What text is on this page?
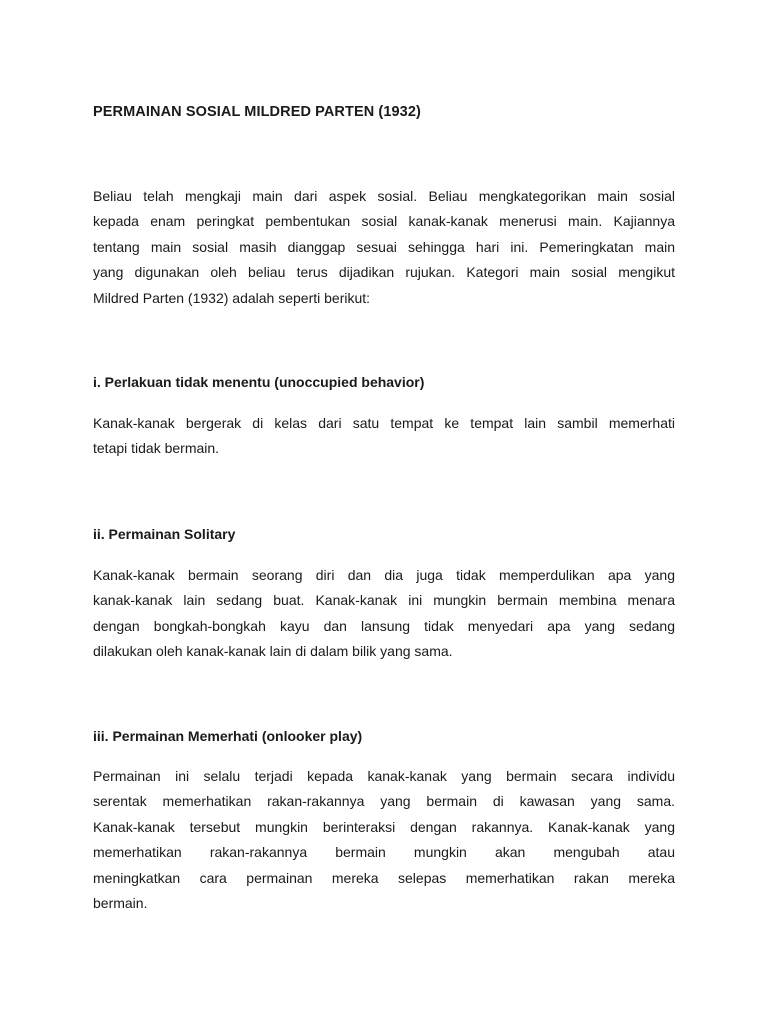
PERMAINAN SOSIAL MILDRED PARTEN (1932)

Beliau telah mengkaji main dari aspek sosial. Beliau mengkategorikan main sosial
kepada enam peringkat pembentukan sosial kanak-kanak menerusi main. Kajiannya
tentang main sosial masih dianggap sesuai sehingga hari ini. Pemeringkatan main
yang digunakan oleh beliau terus dijadikan rujukan. Kategori main sosial mengikut
Mildred Parten (1932) adalah seperti berikut:

i. Perlakuan tidak menentu (unoccupied behavior)

Kanak-kanak bergerak di kelas dari satu tempat ke tempat lain sambil memerhati
tetapi tidak bermain.

ii. Permainan Solitary

Kanak-kanak bermain seorang diri dan dia juga tidak memperdulikan apa yang
kanak-kanak lain sedang buat. Kanak-kanak ini mungkin bermain membina menara
dengan bongkah-bongkah kayu dan lansung tidak menyedari apa yang sedang
dilakukan oleh kanak-kanak lain di dalam bilik yang sama.

iii. Permainan Memerhati (onlooker play)

Permainan ini selalu terjadi kepada kanak-kanak yang bermain secara individu
serentak memerhatikan rakan-rakannya yang bermain di kawasan yang sama.
Kanak-kanak tersebut mungkin berinteraksi dengan rakannya. Kanak-kanak yang
memerhatikan rakan-rakannya bermain mungkin akan mengubah atau
meningkatkan cara permainan mereka selepas memerhatikan rakan mereka
bermain.
